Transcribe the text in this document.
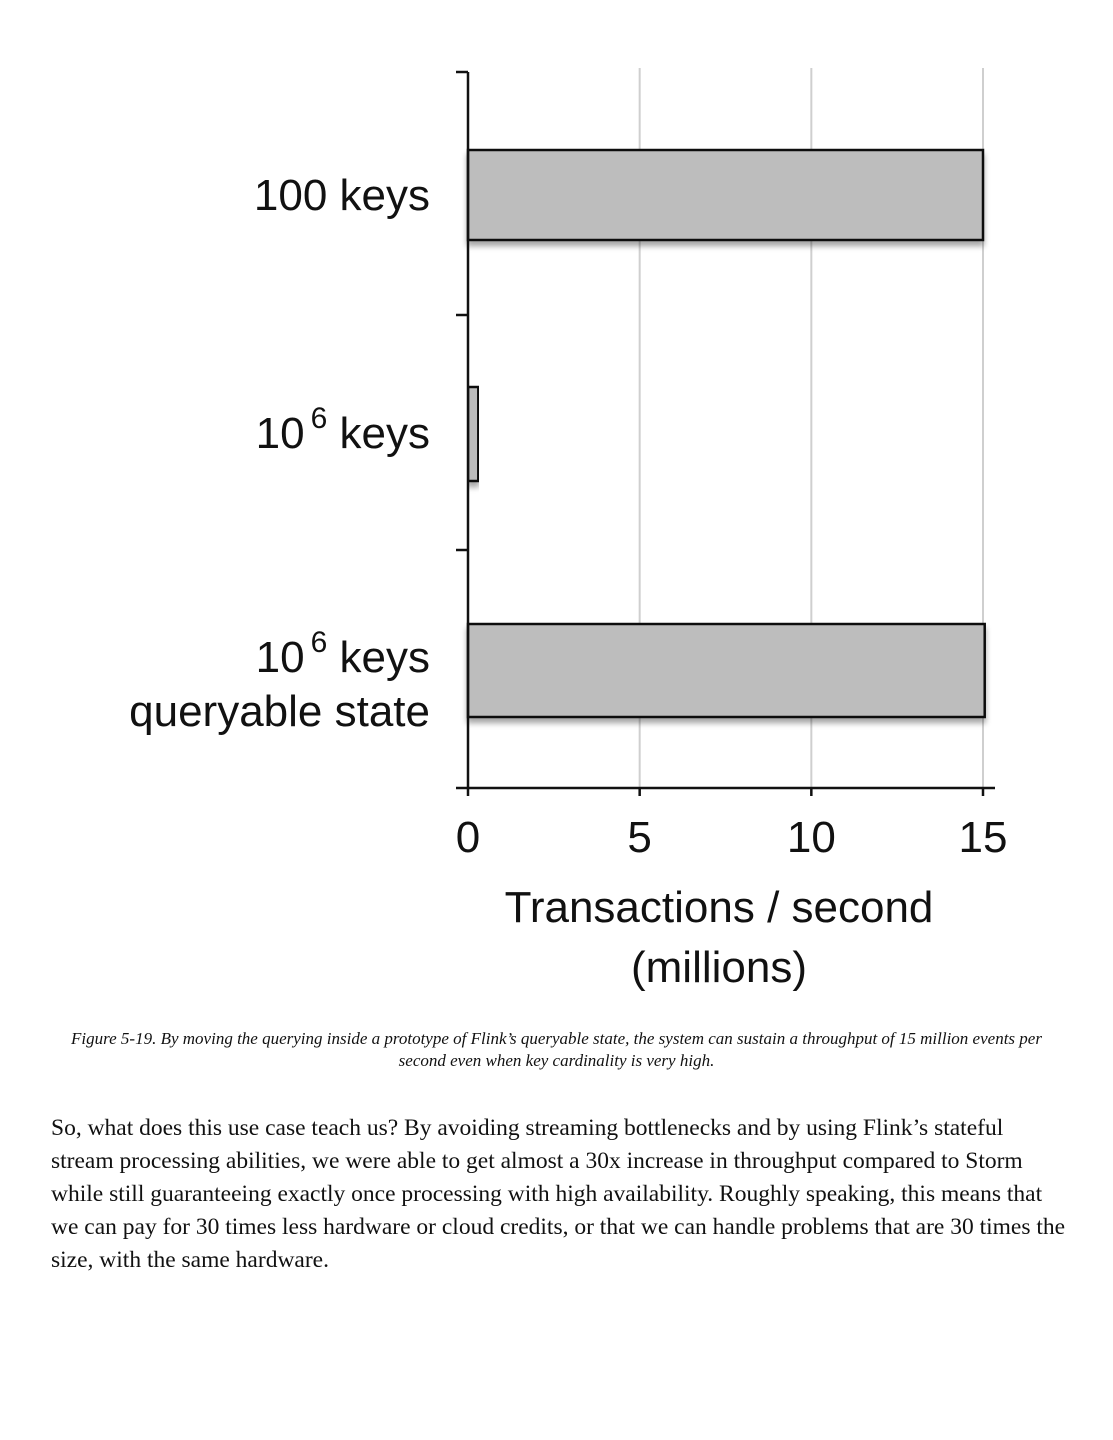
0	5	10	15
100 keys
10 $^6$ keys
10 $^6$ keys
queryable state
Transactions / second
(millions)

Figure 5-19. By moving the querying inside a prototype of Flink’s queryable state, the system can sustain a throughput of 15 million events per second even when key cardinality is very high.

So, what does this use case teach us? By avoiding streaming bottlenecks and by using Flink’s stateful stream processing abilities, we were able to get almost a 30x increase in throughput compared to Storm while still guaranteeing exactly once processing with high availability. Roughly speaking, this means that we can pay for 30 times less hardware or cloud credits, or that we can handle problems that are 30 times the size, with the same hardware.
